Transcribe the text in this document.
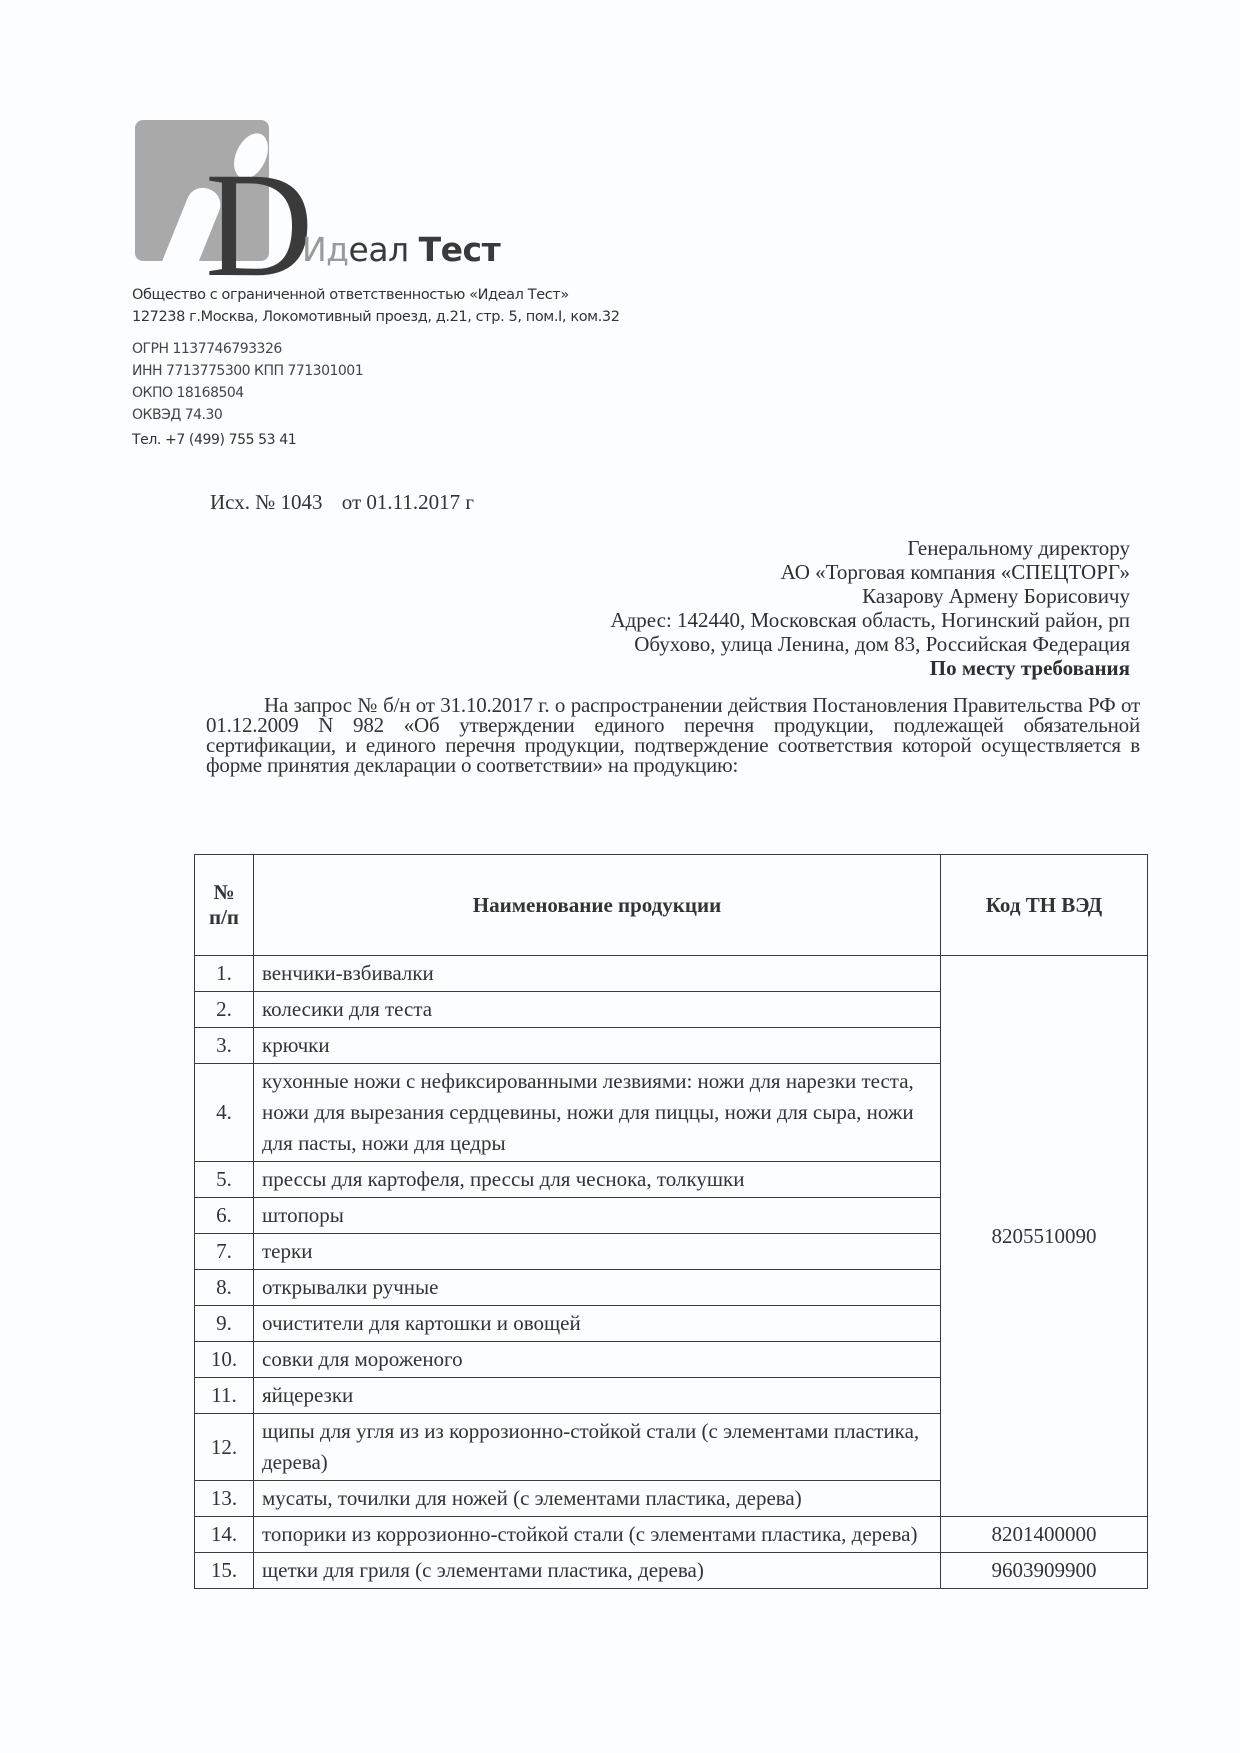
D
Идеал Тест
Общество с ограниченной ответственностью «Идеал Тест»
127238 г.Москва, Локомотивный проезд, д.21, стр. 5, пом.I, ком.32
ОГРН 1137746793326
ИНН 7713775300 КПП 771301001
ОКПО 18168504
ОКВЭД 74.30
Тел. +7 (499) 755 53 41
Исх. № 1043 от 01.11.2017 г
Генеральному директору
АО «Торговая компания «СПЕЦТОРГ»
Казарову Армену Борисовичу
Адрес: 142440, Московская область, Ногинский район, рп
Обухово, улица Ленина, дом 83, Российская Федерация
По месту требования
На запрос № б/н от 31.10.2017 г. о распространении действия Постановления Правительства РФ от 01.12.2009 N 982 «Об утверждении единого перечня продукции, подлежащей обязательной сертификации, и единого перечня продукции, подтверждение соответствия которой осуществляется в форме принятия декларации о соответствии» на продукцию:
№
п/п	Наименование продукции	Код ТН ВЭД
1.	венчики-взбивалки	8205510090
2.	колесики для теста	
3.	крючки	
4.	кухонные ножи с нефиксированными лезвиями: ножи для нарезки теста, ножи для вырезания сердцевины, ножи для пиццы, ножи для сыра, ножи для пасты, ножи для цедры	
5.	прессы для картофеля, прессы для чеснока, толкушки	
6.	штопоры	
7.	терки	
8.	открывалки ручные	
9.	очистители для картошки и овощей	
10.	совки для мороженого	
11.	яйцерезки	
12.	щипы для угля из из коррозионно-стойкой стали (с элементами пластика, дерева)	
13.	мусаты, точилки для ножей (с элементами пластика, дерева)	
14.	топорики из коррозионно-стойкой стали (с элементами пластика, дерева)	8201400000
15.	щетки для гриля (с элементами пластика, дерева)	9603909900
